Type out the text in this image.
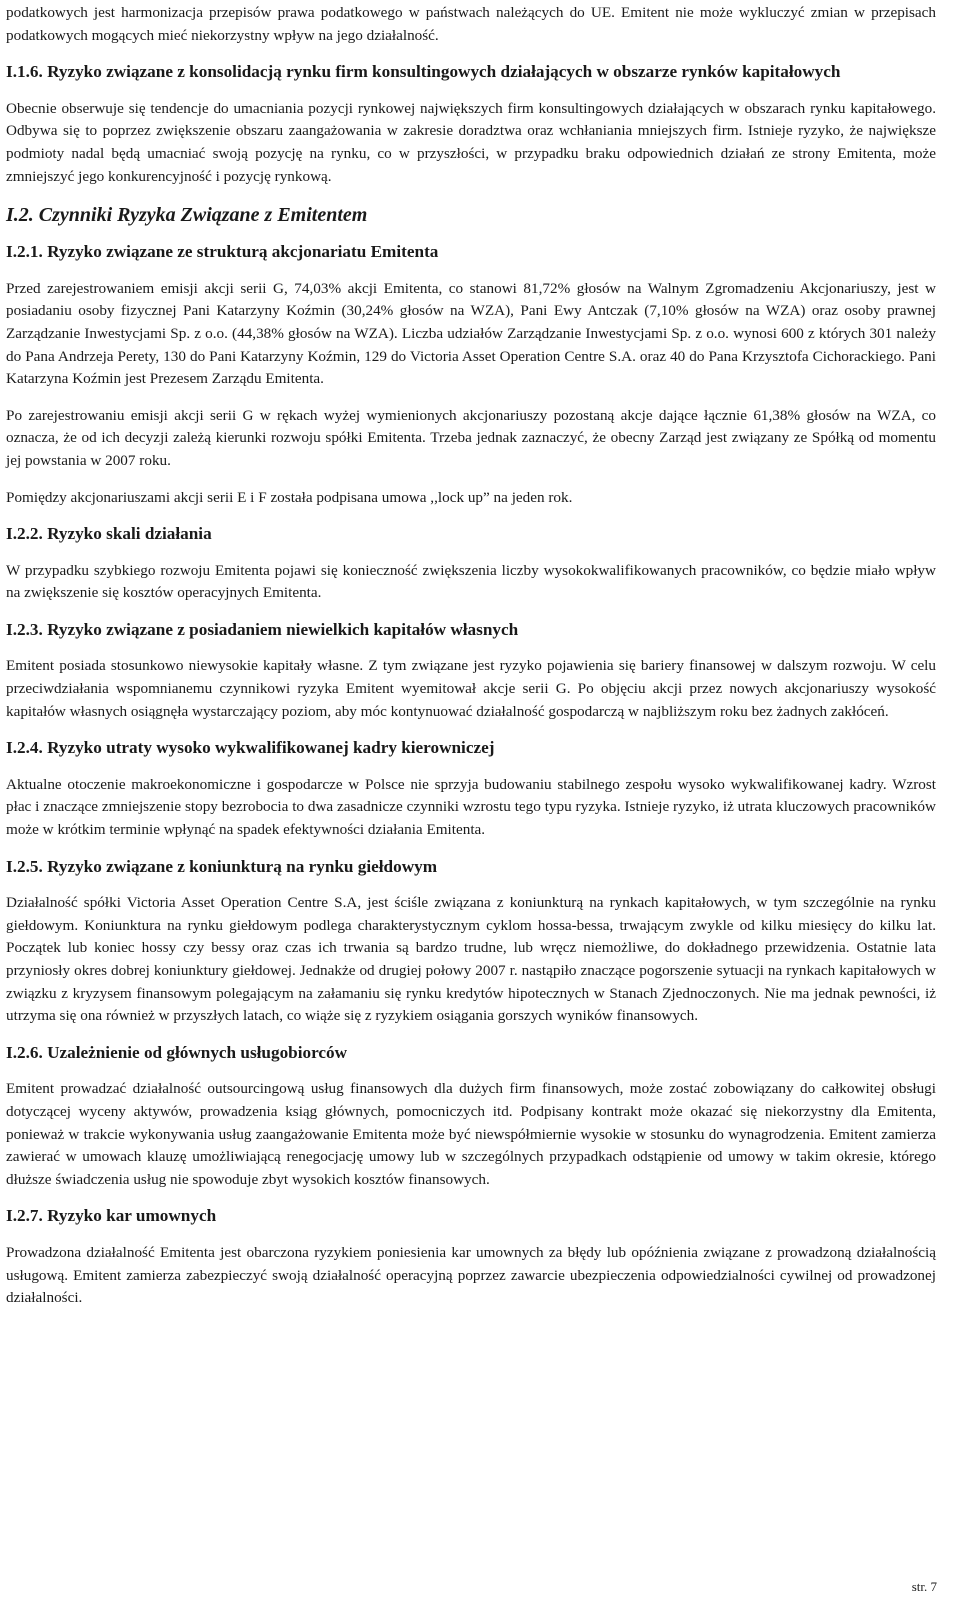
podatkowych jest harmonizacja przepisów prawa podatkowego w państwach należących do UE. Emitent nie może wykluczyć zmian w przepisach podatkowych mogących mieć niekorzystny wpływ na jego działalność.

I.1.6. Ryzyko związane z konsolidacją rynku firm konsultingowych działających w obszarze rynków kapitałowych

Obecnie obserwuje się tendencje do umacniania pozycji rynkowej największych firm konsultingowych działających w obszarach rynku kapitałowego. Odbywa się to poprzez zwiększenie obszaru zaangażowania w zakresie doradztwa oraz wchłaniania mniejszych firm. Istnieje ryzyko, że największe podmioty nadal będą umacniać swoją pozycję na rynku, co w przyszłości, w przypadku braku odpowiednich działań ze strony Emitenta, może zmniejszyć jego konkurencyjność i pozycję rynkową.

I.2. Czynniki Ryzyka Związane z Emitentem
I.2.1. Ryzyko związane ze strukturą akcjonariatu Emitenta

Przed zarejestrowaniem emisji akcji serii G, 74,03% akcji Emitenta, co stanowi 81,72% głosów na Walnym Zgromadzeniu Akcjonariuszy, jest w posiadaniu osoby fizycznej Pani Katarzyny Koźmin (30,24% głosów na WZA), Pani Ewy Antczak (7,10% głosów na WZA) oraz osoby prawnej Zarządzanie Inwestycjami Sp. z o.o. (44,38% głosów na WZA). Liczba udziałów Zarządzanie Inwestycjami Sp. z o.o. wynosi 600 z których 301 należy do Pana Andrzeja Perety, 130 do Pani Katarzyny Koźmin, 129 do Victoria Asset Operation Centre S.A. oraz 40 do Pana Krzysztofa Cichorackiego. Pani Katarzyna Koźmin jest Prezesem Zarządu Emitenta.

Po zarejestrowaniu emisji akcji serii G w rękach wyżej wymienionych akcjonariuszy pozostaną akcje dające łącznie 61,38% głosów na WZA, co oznacza, że od ich decyzji zależą kierunki rozwoju spółki Emitenta. Trzeba jednak zaznaczyć, że obecny Zarząd jest związany ze Spółką od momentu jej powstania w 2007 roku.

Pomiędzy akcjonariuszami akcji serii E i F została podpisana umowa ,,lock up” na jeden rok.

I.2.2. Ryzyko skali działania

W przypadku szybkiego rozwoju Emitenta pojawi się konieczność zwiększenia liczby wysokokwalifikowanych pracowników, co będzie miało wpływ na zwiększenie się kosztów operacyjnych Emitenta.

I.2.3. Ryzyko związane z posiadaniem niewielkich kapitałów własnych

Emitent posiada stosunkowo niewysokie kapitały własne. Z tym związane jest ryzyko pojawienia się bariery finansowej w dalszym rozwoju. W celu przeciwdziałania wspomnianemu czynnikowi ryzyka Emitent wyemitował akcje serii G. Po objęciu akcji przez nowych akcjonariuszy wysokość kapitałów własnych osiągnęła wystarczający poziom, aby móc kontynuować działalność gospodarczą w najbliższym roku bez żadnych zakłóceń.

I.2.4. Ryzyko utraty wysoko wykwalifikowanej kadry kierowniczej

Aktualne otoczenie makroekonomiczne i gospodarcze w Polsce nie sprzyja budowaniu stabilnego zespołu wysoko wykwalifikowanej kadry. Wzrost płac i znaczące zmniejszenie stopy bezrobocia to dwa zasadnicze czynniki wzrostu tego typu ryzyka. Istnieje ryzyko, iż utrata kluczowych pracowników może w krótkim terminie wpłynąć na spadek efektywności działania Emitenta.

I.2.5. Ryzyko związane z koniunkturą na rynku giełdowym

Działalność spółki Victoria Asset Operation Centre S.A, jest ściśle związana z koniunkturą na rynkach kapitałowych, w tym szczególnie na rynku giełdowym. Koniunktura na rynku giełdowym podlega charakterystycznym cyklom hossa-bessa, trwającym zwykle od kilku miesięcy do kilku lat. Początek lub koniec hossy czy bessy oraz czas ich trwania są bardzo trudne, lub wręcz niemożliwe, do dokładnego przewidzenia. Ostatnie lata przyniosły okres dobrej koniunktury giełdowej. Jednakże od drugiej połowy 2007 r. nastąpiło znaczące pogorszenie sytuacji na rynkach kapitałowych w związku z kryzysem finansowym polegającym na załamaniu się rynku kredytów hipotecznych w Stanach Zjednoczonych. Nie ma jednak pewności, iż utrzyma się ona również w przyszłych latach, co wiąże się z ryzykiem osiągania gorszych wyników finansowych.

I.2.6. Uzależnienie od głównych usługobiorców

Emitent prowadzać działalność outsourcingową usług finansowych dla dużych firm finansowych, może zostać zobowiązany do całkowitej obsługi dotyczącej wyceny aktywów, prowadzenia ksiąg głównych, pomocniczych itd. Podpisany kontrakt może okazać się niekorzystny dla Emitenta, ponieważ w trakcie wykonywania usług zaangażowanie Emitenta może być niewspółmiernie wysokie w stosunku do wynagrodzenia. Emitent zamierza zawierać w umowach klauzę umożliwiającą renegocjację umowy lub w szczególnych przypadkach odstąpienie od umowy w takim okresie, którego dłuższe świadczenia usług nie spowoduje zbyt wysokich kosztów finansowych.

I.2.7. Ryzyko kar umownych

Prowadzona działalność Emitenta jest obarczona ryzykiem poniesienia kar umownych za błędy lub opóźnienia związane z prowadzoną działalnością usługową. Emitent zamierza zabezpieczyć swoją działalność operacyjną poprzez zawarcie ubezpieczenia odpowiedzialności cywilnej od prowadzonej działalności.

str. 7
